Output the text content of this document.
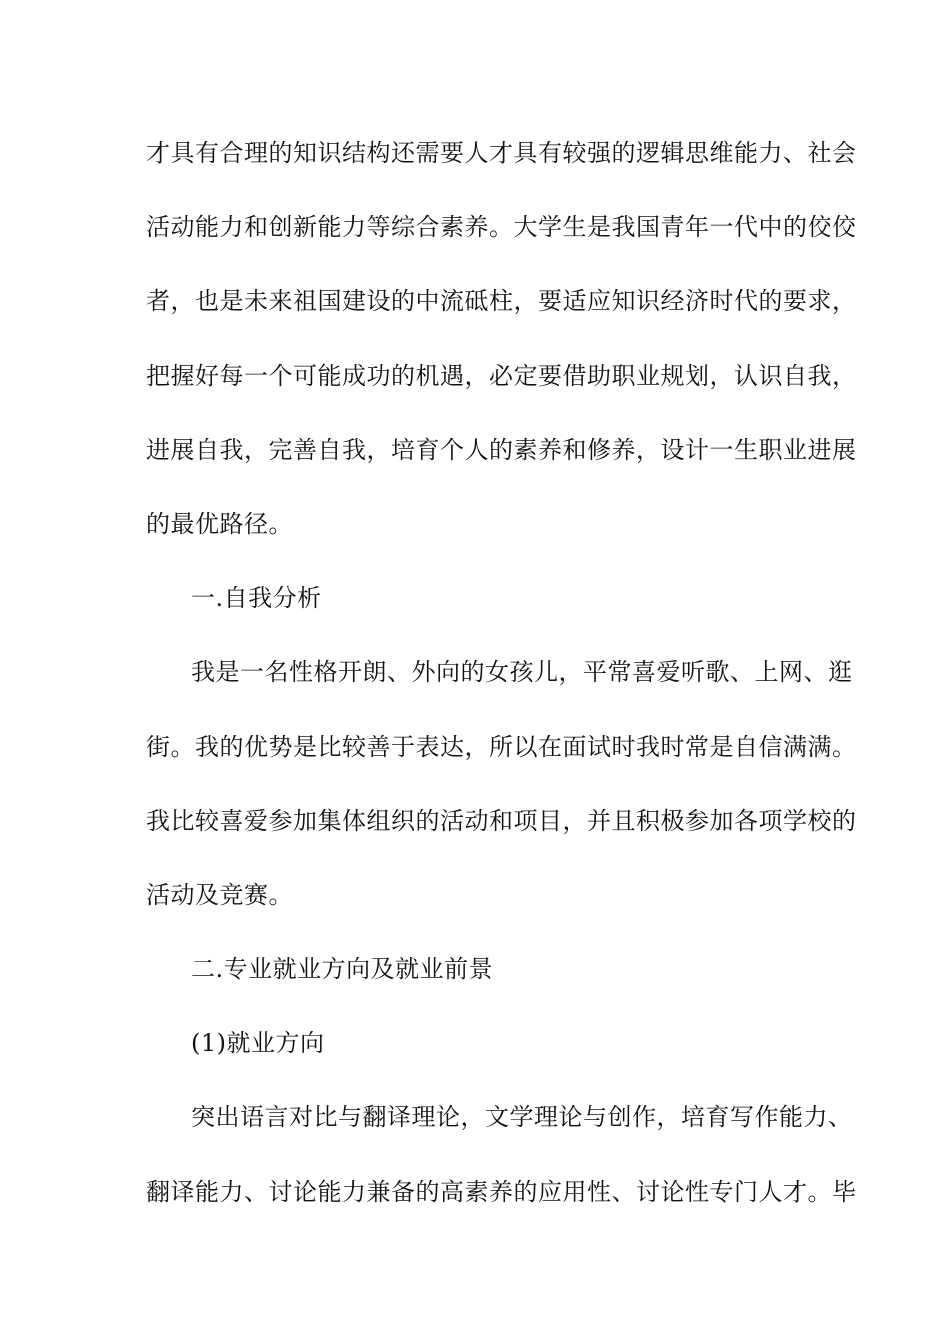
才具有合理的知识结构还需要人才具有较强的逻辑思维能力、社会
活动能力和创新能力等综合素养。大学生是我国青年一代中的佼佼
者，也是未来祖国建设的中流砥柱，要适应知识经济时代的要求，
把握好每一个可能成功的机遇，必定要借助职业规划，认识自我，
进展自我，完善自我，培育个人的素养和修养，设计一生职业进展
的最优路径。
一.自我分析
我是一名性格开朗、外向的女孩儿，平常喜爱听歌、上网、逛
街。我的优势是比较善于表达，所以在面试时我时常是自信满满。
我比较喜爱参加集体组织的活动和项目，并且积极参加各项学校的
活动及竞赛。
二.专业就业方向及就业前景
(1)就业方向
突出语言对比与翻译理论，文学理论与创作，培育写作能力、
翻译能力、讨论能力兼备的高素养的应用性、讨论性专门人才。毕
